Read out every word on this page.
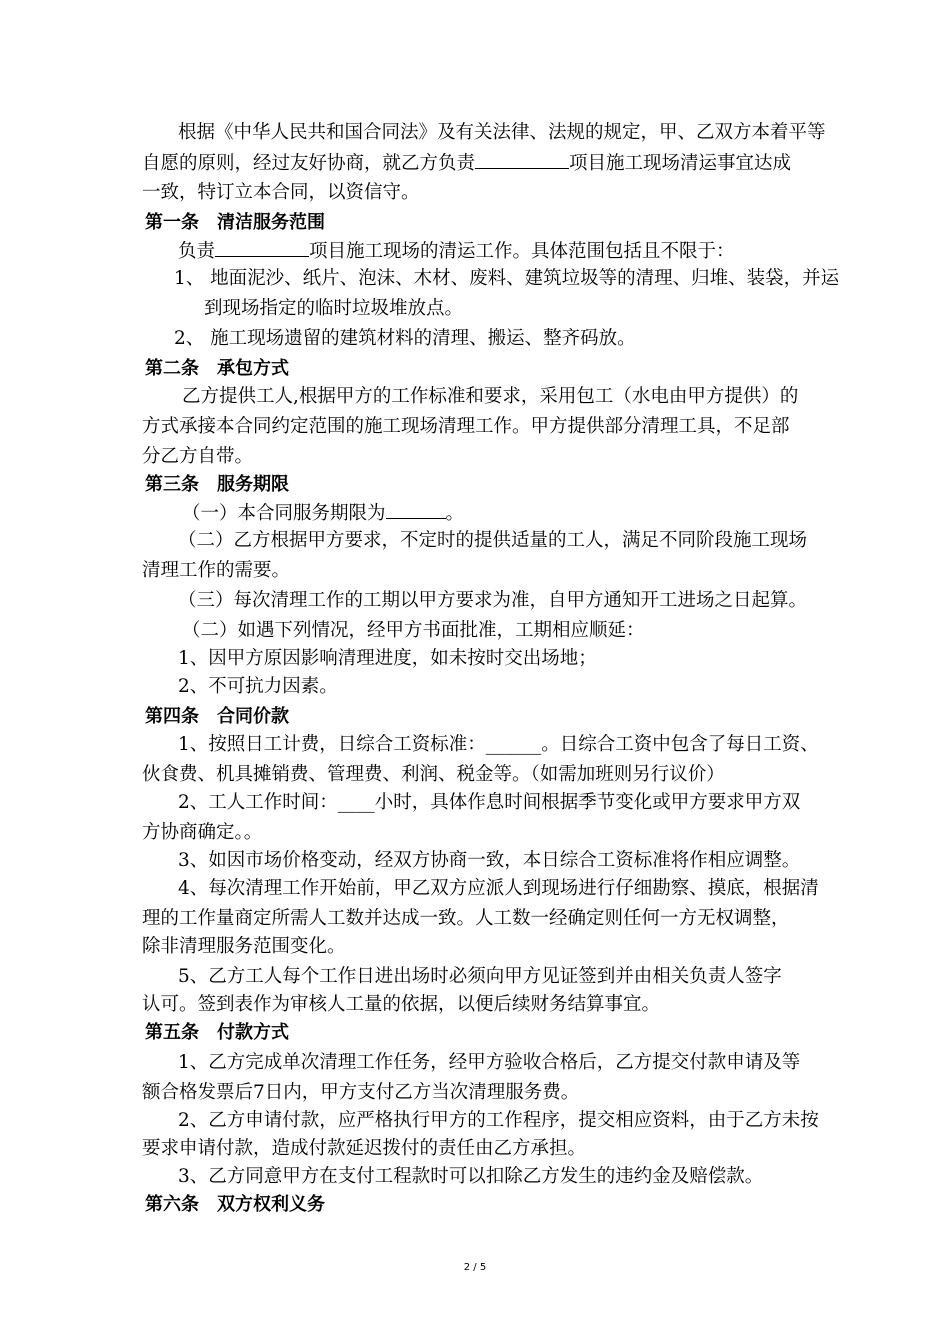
根据《中华人民共和国合同法》及有关法律、法规的规定，甲、乙双方本着平等
自愿的原则，经过友好协商，就乙方负责	项目施工现场清运事宜达成
一致，特订立本合同，以资信守。
第一条　清洁服务范围
负责	项目施工现场的清运工作。具体范围包括且不限于：
1、 地面泥沙、纸片、泡沫、木材、废料、建筑垃圾等的清理、归堆、装袋，并运
到现场指定的临时垃圾堆放点。
2、 施工现场遗留的建筑材料的清理、搬运、整齐码放。
第二条　承包方式
乙方提供工人,根据甲方的工作标准和要求，采用包工（水电由甲方提供）的
方式承接本合同约定范围的施工现场清理工作。甲方提供部分清理工具，不足部
分乙方自带。
第三条　服务期限
（一）本合同服务期限为	。
（二）乙方根据甲方要求，不定时的提供适量的工人，满足不同阶段施工现场
清理工作的需要。
（三）每次清理工作的工期以甲方要求为准，自甲方通知开工进场之日起算。
（二）如遇下列情况，经甲方书面批准，工期相应顺延：
1、因甲方原因影响清理进度，如未按时交出场地；
2、不可抗力因素。
第四条　合同价款
1、按照日工计费，日综合工资标准：______。日综合工资中包含了每日工资、
伙食费、机具摊销费、管理费、利润、税金等。（如需加班则另行议价）
2、工人工作时间：____小时，具体作息时间根据季节变化或甲方要求甲方双
方协商确定。。
3、如因市场价格变动，经双方协商一致，本日综合工资标准将作相应调整。
4、每次清理工作开始前，甲乙双方应派人到现场进行仔细勘察、摸底，根据清
理的工作量商定所需人工数并达成一致。人工数一经确定则任何一方无权调整，
除非清理服务范围变化。
5、乙方工人每个工作日进出场时必须向甲方见证签到并由相关负责人签字
认可。签到表作为审核人工量的依据，以便后续财务结算事宜。
第五条　付款方式
1、乙方完成单次清理工作任务，经甲方验收合格后，乙方提交付款申请及等
额合格发票后7日内，甲方支付乙方当次清理服务费。
2、乙方申请付款，应严格执行甲方的工作程序，提交相应资料，由于乙方未按
要求申请付款，造成付款延迟拨付的责任由乙方承担。
3、乙方同意甲方在支付工程款时可以扣除乙方发生的违约金及赔偿款。
第六条　双方权利义务
2 / 5
